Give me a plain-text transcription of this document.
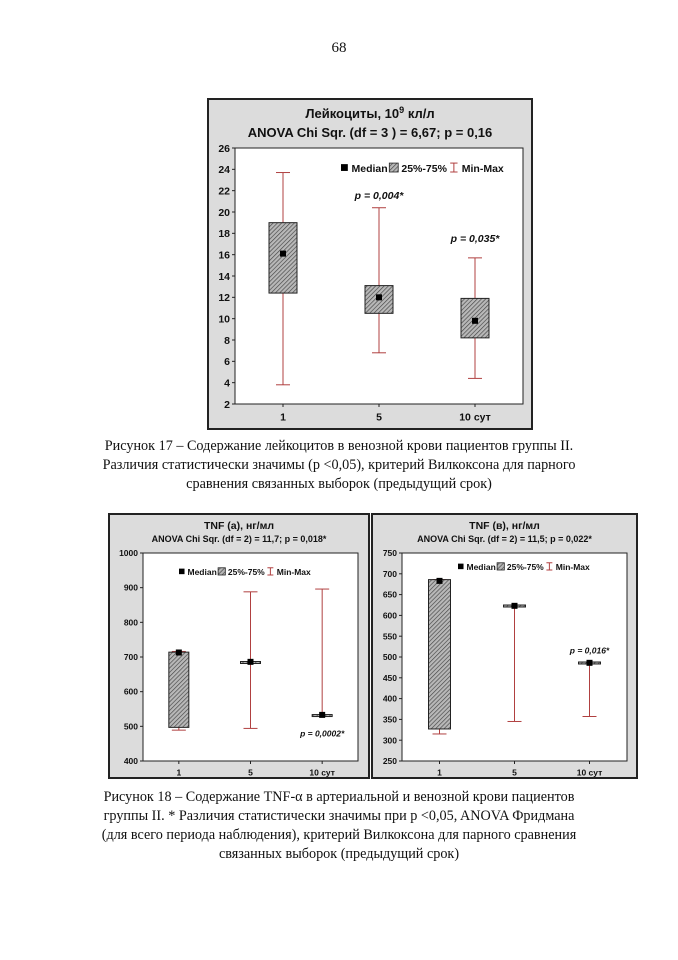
68
Лейкоциты, $10^9$ кл/л
ANOVA Chi Sqr. (df = 3 ) = 6,67; p = 0,16
2
4
6
8
10
12
14
16
18
20
22
24
26
1	5	10 сут
p = 0,004*
p = 0,035*
Median 25%-75% Min-Max
Рисунок 17 – Содержание лейкоцитов в венозной крови пациентов группы II.
Различия статистически значимы (p <0,05), критерий Вилкоксона для парного
сравнения связанных выборок (предыдущий срок)
TNF (а), нг/мл
ANOVA Chi Sqr. (df = 2) = 11,7; p = 0,018*
400
500
600
700
800
900
1000
1	5	10 сут
p = 0,0002*
Median 25%-75% Min-Max
TNF (в), нг/мл
ANOVA Chi Sqr. (df = 2) = 11,5; p = 0,022*
250
300
350
400
450
500
550
600
650
700
750
1	5	10 сут
p = 0,016*
Median 25%-75% Min-Max
Рисунок 18 – Содержание TNF-α в артериальной и венозной крови пациентов
группы II. * Различия статистически значимы при p <0,05, ANOVA Фридмана
(для всего периода наблюдения), критерий Вилкоксона для парного сравнения
связанных выборок (предыдущий срок)
